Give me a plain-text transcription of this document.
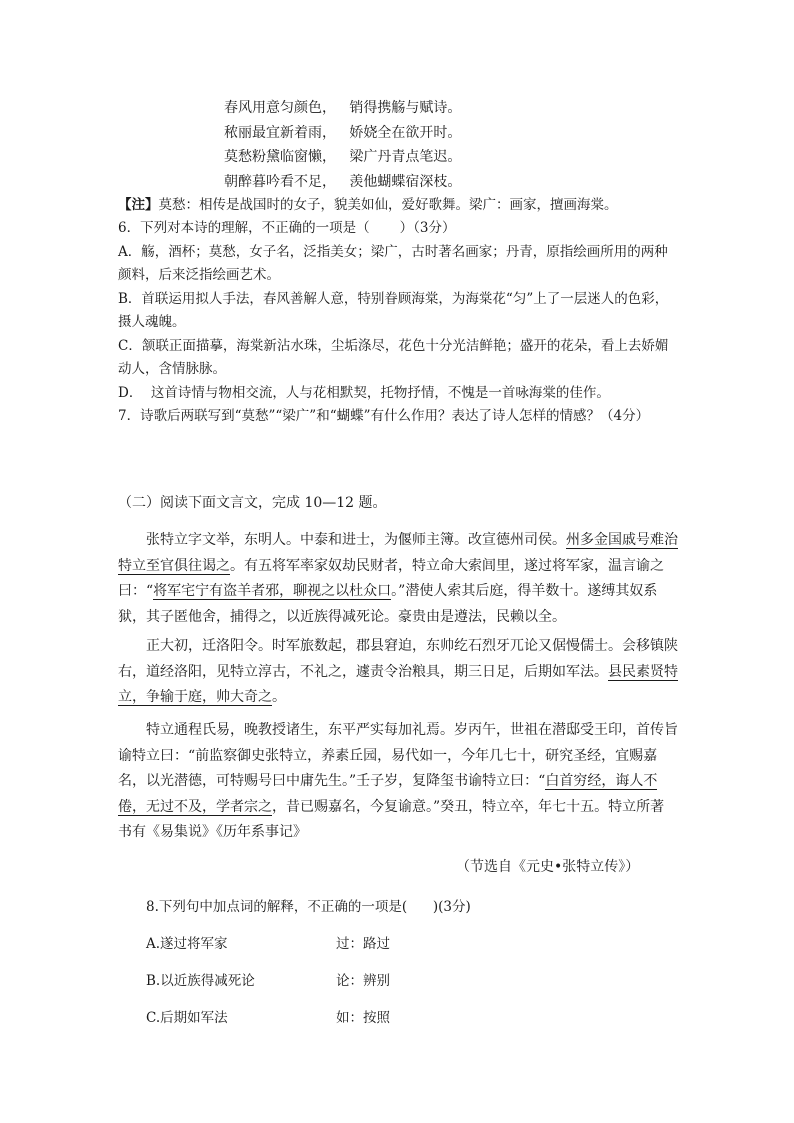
春风用意匀颜色，   销得携觞与赋诗。
秾丽最宜新着雨，   娇娆全在欲开时。
莫愁粉黛临窗懒，   梁广丹青点笔迟。
朝醉暮吟看不足，   羡他蝴蝶宿深枝。
【注】莫愁：相传是战国时的女子，貌美如仙，爱好歌舞。梁广：画家，擅画海棠。
6．下列对本诗的理解，不正确的一项是（       ）（3分）
A．觞，酒杯；莫愁，女子名，泛指美女；梁广，古时著名画家；丹青，原指绘画所用的两种颜料，后来泛指绘画艺术。
B．首联运用拟人手法，春风善解人意，特别眷顾海棠，为海棠花“匀”上了一层迷人的色彩，摄人魂魄。
C．颔联正面描摹，海棠新沾水珠，尘垢涤尽，花色十分光洁鲜艳；盛开的花朵，看上去娇媚动人，含情脉脉。
D．  这首诗情与物相交流，人与花相默契，托物抒情，不愧是一首咏海棠的佳作。
7．诗歌后两联写到“莫愁”“梁广”和“蝴蝶”有什么作用？表达了诗人怎样的情感？（4分）
（二）阅读下面文言文，完成 10—12 题。
张特立字文举，东明人。中泰和进士，为偃师主簿。改宣德州司侯。州多金国戚号难治特立至官俱往谒之。有五将军率家奴劫民财者，特立命大索闾里，遂过将军家，温言谕之曰：“将军宅宁有盗羊者邪，聊视之以杜众口。”潜使人索其后庭，得羊数十。遂缚其奴系狱，其子匿他舍，捕得之，以近族得减死论。豪贵由是遵法，民赖以全。
正大初，迁洛阳令。时军旅数起，郡县窘迫，东帅纥石烈牙兀论又倨慢儒士。会移镇陕右，道经洛阳，见特立淳古，不礼之，遽责令治粮具，期三日足，后期如军法。县民素贤特立，争输于庭，帅大奇之。
特立通程氏易，晚教授诸生，东平严实每加礼焉。岁丙午，世祖在潜邸受王印，首传旨谕特立曰：“前监察御史张特立，养素丘园，易代如一，今年几七十，研究圣经，宜赐嘉名，以光潜德，可特赐号曰中庸先生。”壬子岁，复降玺书谕特立曰：“白首穷经，诲人不倦，无过不及，学者宗之，昔已赐嘉名，今复谕意。”癸丑，特立卒，年七十五。特立所著书有《易集说》《历年系事记》
（节选自《元史•张特立传》）
8.下列句中加点词的解释，不正确的一项是(      )(3分)
A.遂过将军家	过：路过
B.以近族得减死论	论：辨别
C.后期如军法	如：按照
